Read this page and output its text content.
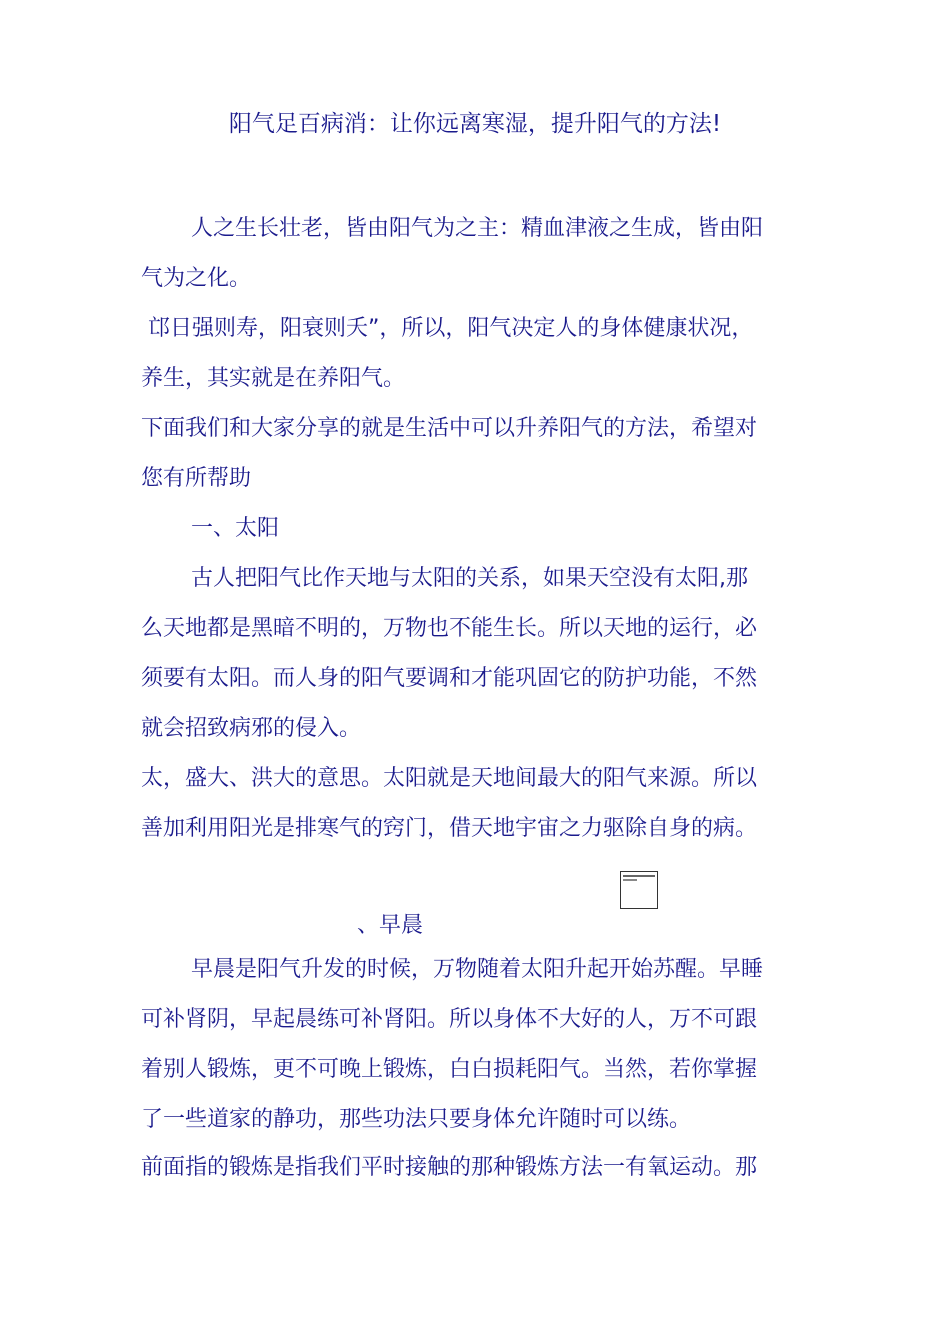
阳气足百病消：让你远离寒湿，提升阳气的方法!
人之生长壮老，皆由阳气为之主：精血津液之生成，皆由阳
气为之化。
邙日强则寿，阳衰则夭”，所以，阳气决定人的身体健康状况，
养生，其实就是在养阳气。
下面我们和大家分享的就是生活中可以升养阳气的方法，希望对
您有所帮助
一、太阳
古人把阳气比作天地与太阳的关系，如果天空没有太阳,那
么天地都是黑暗不明的，万物也不能生长。所以天地的运行，必
须要有太阳。而人身的阳气要调和才能巩固它的防护功能，不然
就会招致病邪的侵入。
太，盛大、洪大的意思。太阳就是天地间最大的阳气来源。所以
善加利用阳光是排寒气的窍门，借天地宇宙之力驱除自身的病。
、早晨
早晨是阳气升发的时候，万物随着太阳升起开始苏醒。早睡
可补肾阴，早起晨练可补肾阳。所以身体不大好的人，万不可跟
着别人锻炼，更不可晚上锻炼，白白损耗阳气。当然，若你掌握
了一些道家的静功，那些功法只要身体允许随时可以练。
前面指的锻炼是指我们平时接触的那种锻炼方法一有氧运动。那
